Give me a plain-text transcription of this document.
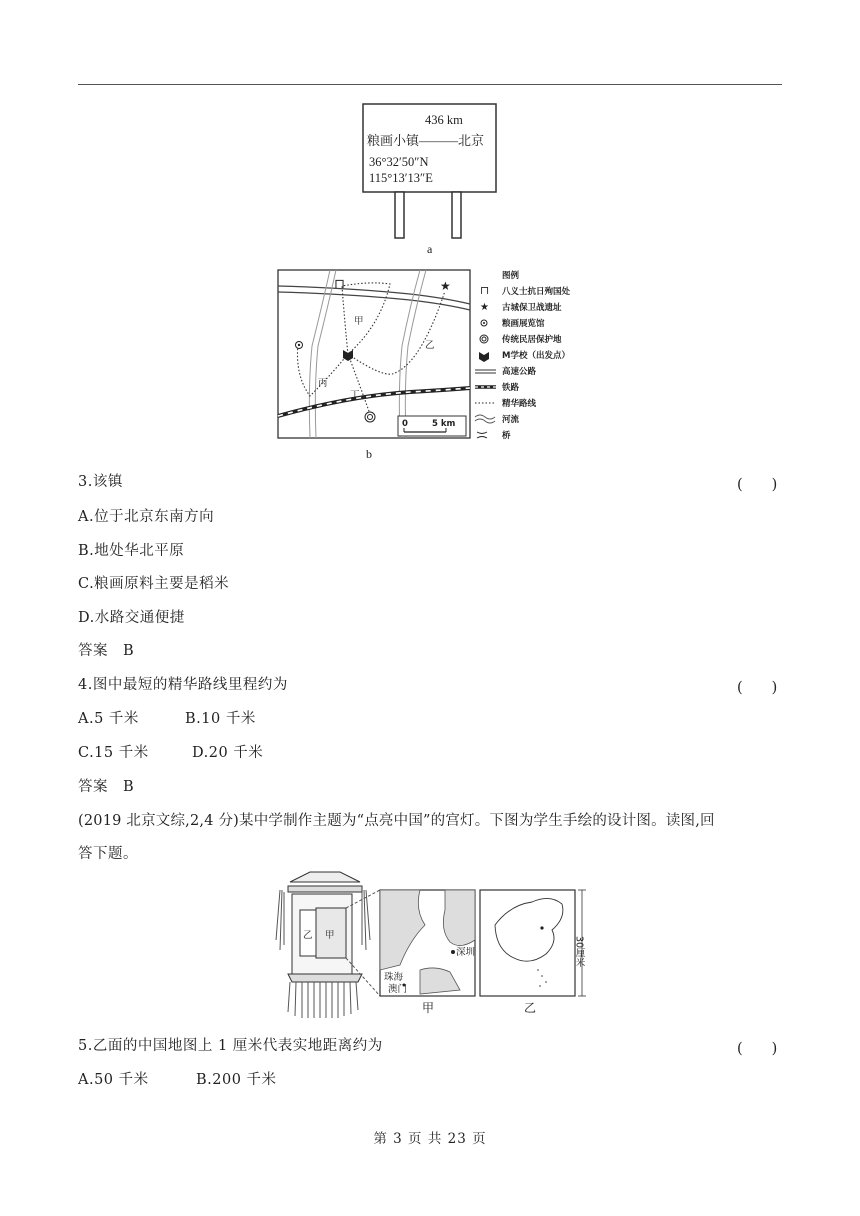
436 km
粮画小镇———北京
36°32′50″N
115°13′13″E
a
⊓	★
甲
乙
丙
丁
0	5 km
b
图例
⊓
★
八义士抗日殉国处
古城保卫战遗址
粮画展览馆
传统民居保护地
M学校（出发点）
高速公路
铁路
精华路线
河流
桥
3.该镇	(　　)
A.位于北京东南方向
B.地处华北平原
C.粮画原料主要是稻米
D.水路交通便捷
答案　B
4.图中最短的精华路线里程约为	(　　)
A.5 千米	B.10 千米
C.15 千米	D.20 千米
答案　B
(2019 北京文综,2,4 分)某中学制作主题为“点亮中国”的宫灯。下图为学生手绘的设计图。读图,回
答下题。
乙 甲
深圳
珠海
澳门
甲	乙
30厘米
5.乙面的中国地图上 1 厘米代表实地距离约为	(　　)
A.50 千米	B.200 千米
第 3 页 共 23 页
